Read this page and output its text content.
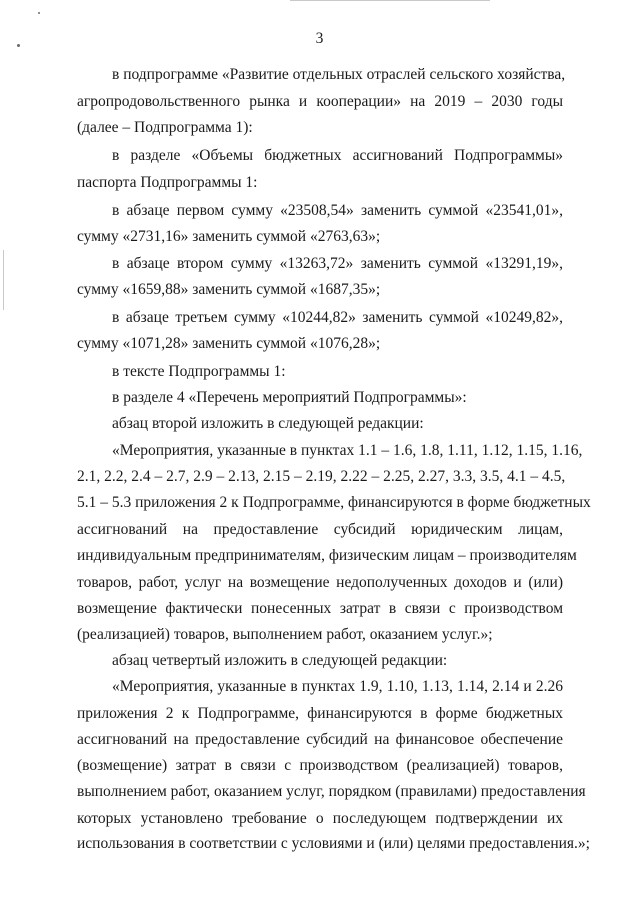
3
в подпрограмме «Развитие отдельных отраслей сельского хозяйства,
агропродовольственного рынка и кооперации» на 2019 – 2030 годы
(далее – Подпрограмма 1):
в разделе «Объемы бюджетных ассигнований Подпрограммы»
паспорта Подпрограммы 1:
в абзаце первом сумму «23508,54» заменить суммой «23541,01»,
сумму «2731,16» заменить суммой «2763,63»;
в абзаце втором сумму «13263,72» заменить суммой «13291,19»,
сумму «1659,88» заменить суммой «1687,35»;
в абзаце третьем сумму «10244,82» заменить суммой «10249,82»,
сумму «1071,28» заменить суммой «1076,28»;
в тексте Подпрограммы 1:
в разделе 4 «Перечень мероприятий Подпрограммы»:
абзац второй изложить в следующей редакции:
«Мероприятия, указанные в пунктах 1.1 – 1.6, 1.8, 1.11, 1.12, 1.15, 1.16,
2.1, 2.2, 2.4 – 2.7, 2.9 – 2.13, 2.15 – 2.19, 2.22 – 2.25, 2.27, 3.3, 3.5, 4.1 – 4.5,
5.1 – 5.3 приложения 2 к Подпрограмме, финансируются в форме бюджетных
ассигнований на предоставление субсидий юридическим лицам,
индивидуальным предпринимателям, физическим лицам – производителям
товаров, работ, услуг на возмещение недополученных доходов и (или)
возмещение фактически понесенных затрат в связи с производством
(реализацией) товаров, выполнением работ, оказанием услуг.»;
абзац четвертый изложить в следующей редакции:
«Мероприятия, указанные в пунктах 1.9, 1.10, 1.13, 1.14, 2.14 и 2.26
приложения 2 к Подпрограмме, финансируются в форме бюджетных
ассигнований на предоставление субсидий на финансовое обеспечение
(возмещение) затрат в связи с производством (реализацией) товаров,
выполнением работ, оказанием услуг, порядком (правилами) предоставления
которых установлено требование о последующем подтверждении их
использования в соответствии с условиями и (или) целями предоставления.»;
